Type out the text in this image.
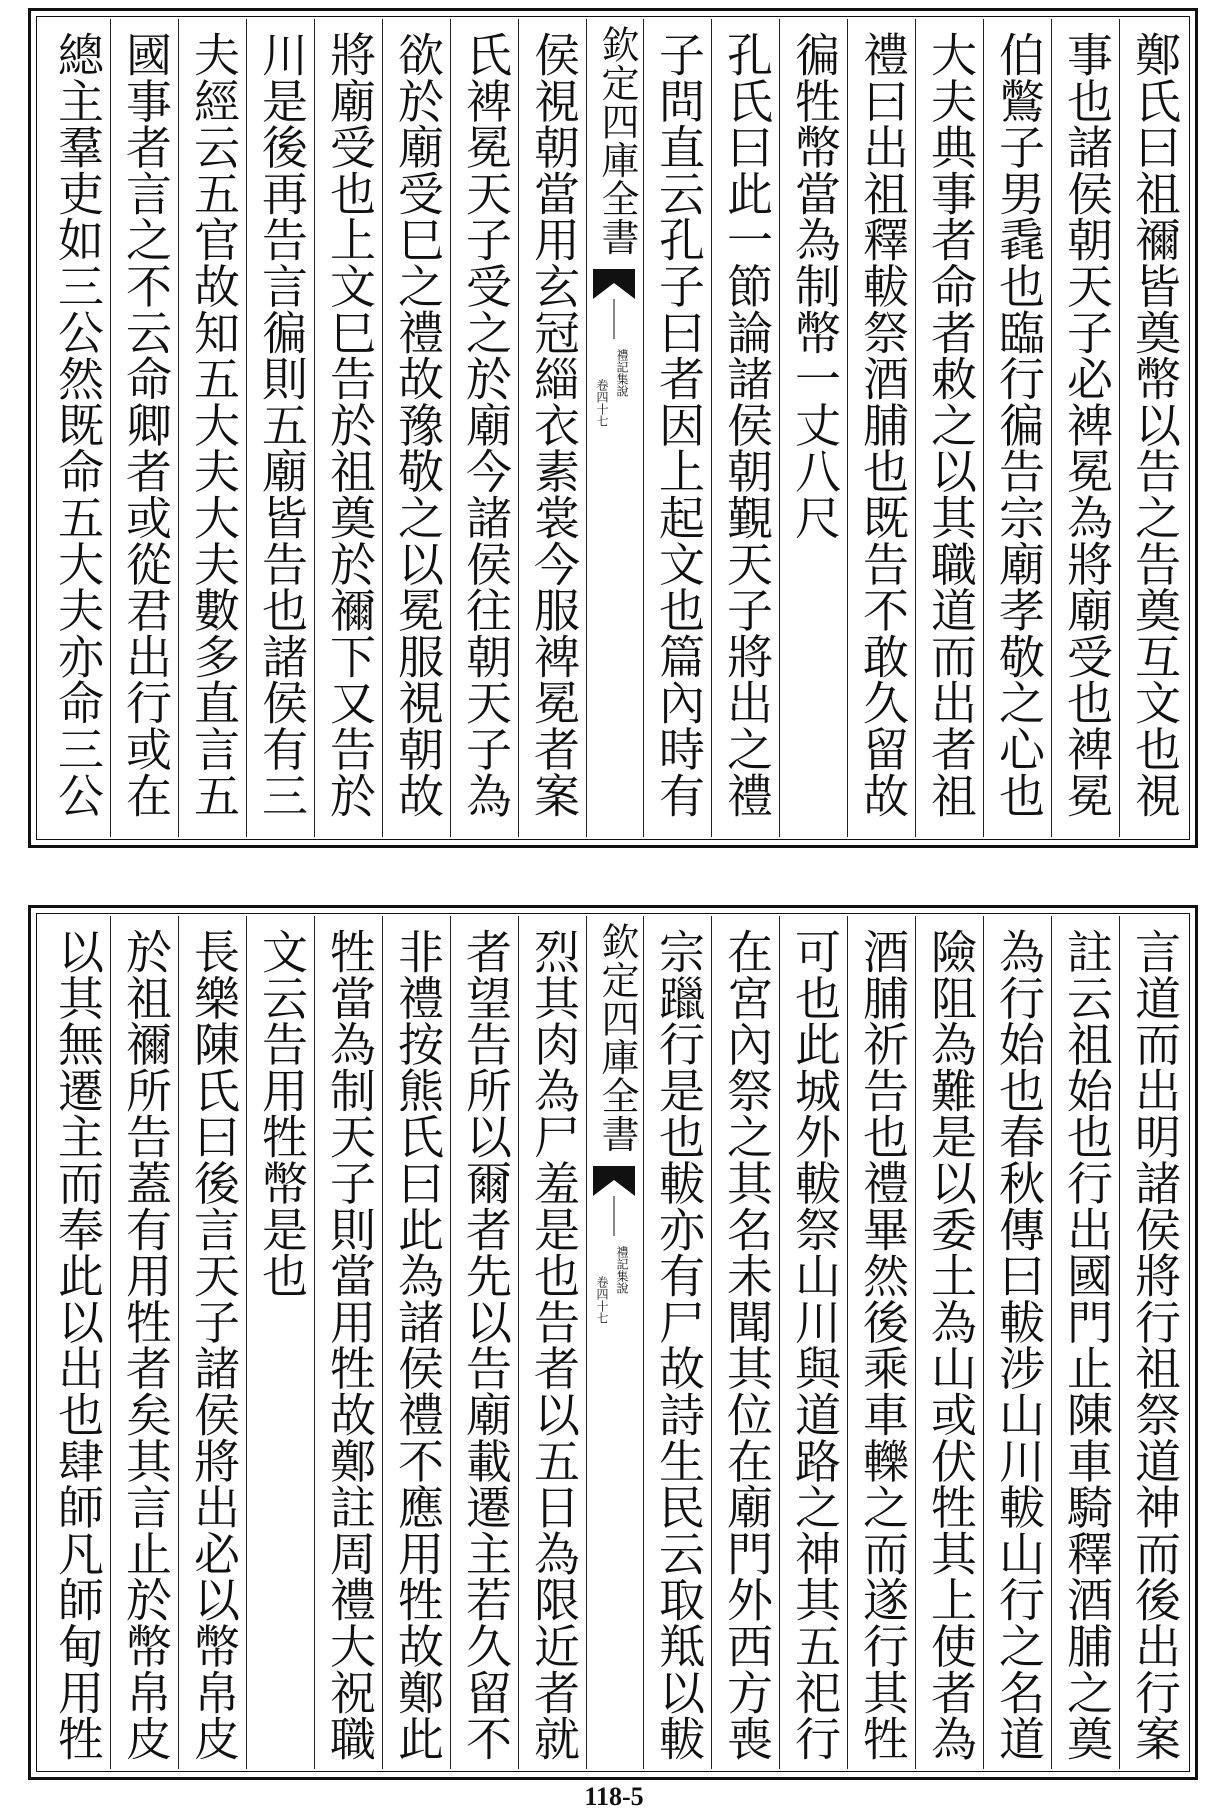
鄭氏曰祖禰皆奠幣以告之告奠互文也視
事也諸侯朝天子必裨冕為將廟受也裨冕
伯鷩子男毳也臨行徧告宗廟孝敬之心也
大夫典事者命者敕之以其職道而出者祖
禮曰出祖釋軷祭酒脯也既告不敢久留故
徧牲幣當為制幣一丈八尺
孔氏曰此一節論諸侯朝覲天子將出之禮
子問直云孔子曰者因上起文也篇內時有
欽定四庫全書
禮記集說
卷四十七
侯視朝當用玄冠緇衣素裳今服裨冕者案
氏裨冕天子受之於廟今諸侯往朝天子為
欲於廟受巳之禮故豫敬之以冕服視朝故
將廟受也上文巳告於祖奠於禰下又告於
川是後再告言徧則五廟皆告也諸侯有三
夫經云五官故知五大夫大夫數多直言五
國事者言之不云命卿者或從君出行或在
總主羣吏如三公然既命五大夫亦命三公
言道而出明諸侯將行祖祭道神而後出行案
註云祖始也行出國門止陳車騎釋酒脯之奠
為行始也春秋傳曰軷涉山川軷山行之名道
險阻為難是以委土為山或伏牲其上使者為
酒脯祈告也禮畢然後乘車轢之而遂行其牲
可也此城外軷祭山川與道路之神其五祀行
在宮內祭之其名未聞其位在廟門外西方喪
宗躐行是也軷亦有尸故詩生民云取羝以軷
欽定四庫全書
禮記集說
卷四十七
烈其肉為尸羞是也告者以五日為限近者就
者望告所以爾者先以告廟載遷主若久留不
非禮按熊氏曰此為諸侯禮不應用牲故鄭此
牲當為制天子則當用牲故鄭註周禮大祝職
文云告用牲幣是也
長樂陳氏曰後言天子諸侯將出必以幣帛皮
於祖禰所告蓋有用牲者矣其言止於幣帛皮
以其無遷主而奉此以出也肆師凡師甸用牲
118-5
